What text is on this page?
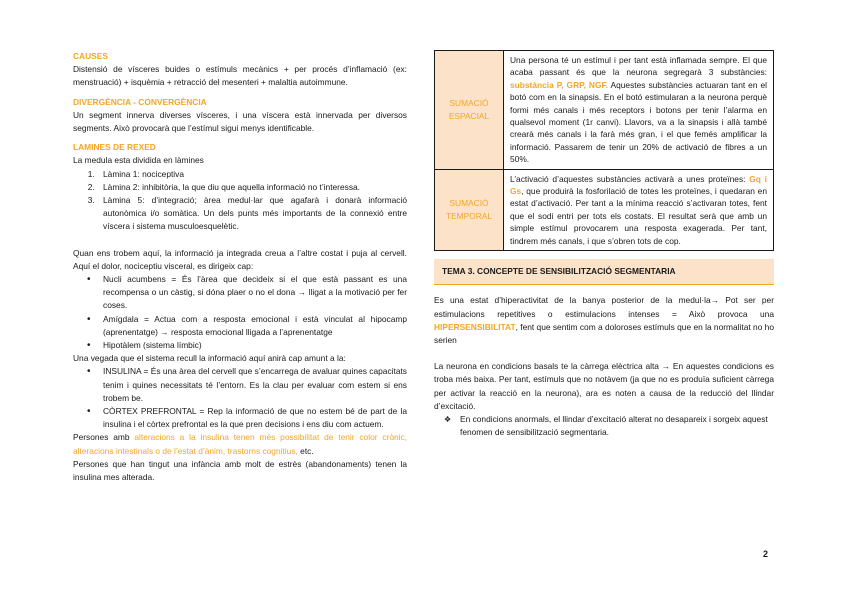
CAUSES

Distensió de vísceres buides o estímuls mecànics + per procés d’inflamació (ex: menstruació) + isquèmia + retracció del mesenteri + malaltia autoimmune.

DIVERGÈNCIA - CONVERGÈNCIA

Un segment innerva diverses vísceres, i una víscera està innervada per diversos segments. Això provocarà que l’estímul sigui menys identificable.

LAMINES DE REXED

La medula esta dividida en làmines

1. Làmina 1: nociceptiva
2. Làmina 2: inhibitòria, la que diu que aquella informació no t’interessa.
3. Làmina 5: d’integració; àrea medul·lar que agafarà i donarà informació autonòmica i/o somàtica. Un dels punts més importants de la connexió entre víscera i sistema musculoesquelètic.

Quan ens trobem aquí, la informació ja integrada creua a l’altre costat i puja al cervell. Aquí el dolor, nociceptiu visceral, es dirigeix cap:

• Nucli acumbens = És l’àrea que decideix si el que està passant es una recompensa o un càstig, si dóna plaer o no el dona → lligat a la motivació per fer coses.
• Amígdala = Actua com a resposta emocional i està vinculat al hipocamp (aprenentatge) → resposta emocional lligada a l’aprenentatge
• Hipotàlem (sistema límbic)

Una vegada que el sistema recull la informació aquí anirà cap amunt a la:

• INSULINA = És una àrea del cervell que s’encarrega de avaluar quines capacitats tenim i quines necessitats té l’entorn. Es la clau per evaluar com estem si ens trobem be.
• CÒRTEX PREFRONTAL = Rep la informació de que no estem bé de part de la insulina i el còrtex prefrontal es la que pren decisions i ens diu com actuem.

Persones amb alteracions a la insulina tenen més possibilitat de tenir color crònic, alteracions intestinals o de l’estat d’ànim, trastorns cognitius, etc.

Persones que han tingut una infància amb molt de estrès (abandonaments) tenen la insulina mes alterada.

SUMACIÓ ESPACIAL	Una persona té un estímul i per tant està inflamada sempre. El que acaba passant és que la neurona segregarà 3 substàncies: substància P, GRP, NGF. Aquestes substàncies actuaran tant en el botó com en la sinapsis. En el botó estimularan a la neurona perquè formi més canals i més receptors i botons per tenir l’alarma en qualsevol moment (1r canvi). Llavors, va a la sinapsis i allà també crearà més canals i la farà més gran, i el que femés amplificar la informació. Passarem de tenir un 20% de activació de fibres a un 50%.
SUMACIÓ TEMPORAL	L’activació d’aquestes substàncies activarà a unes proteïnes: Gq i Gs, que produirà la fosforilació de totes les proteïnes, i quedaran en estat d’activació. Per tant a la mínima reacció s’activaran totes, fent que el sodi entri per tots els costats. El resultat serà que amb un simple estímul provocarem una resposta exagerada. Per tant, tindrem més canals, i que s’obren tots de cop.
TEMA 3. CONCEPTE DE SENSIBILITZACIÓ SEGMENTARIA

Es una estat d’hiperactivitat de la banya posterior de la medul·la→ Pot ser per estimulacions repetitives o estimulacions intenses = Això provoca una HIPERSENSIBILITAT, fent que sentim com a doloroses estímuls que en la normalitat no ho serien

La neurona en condicions basals te la càrrega elèctrica alta → En aquestes condicions es troba més baixa. Per tant, estímuls que no notàvem (ja que no es produïa suficient càrrega per activar la reacció en la neurona), ara es noten a causa de la reducció del llindar d’excitació.

❖ En condicions anormals, el llindar d’excitació alterat no desapareix i sorgeix aquest fenomen de sensibilització segmentaria.
2
